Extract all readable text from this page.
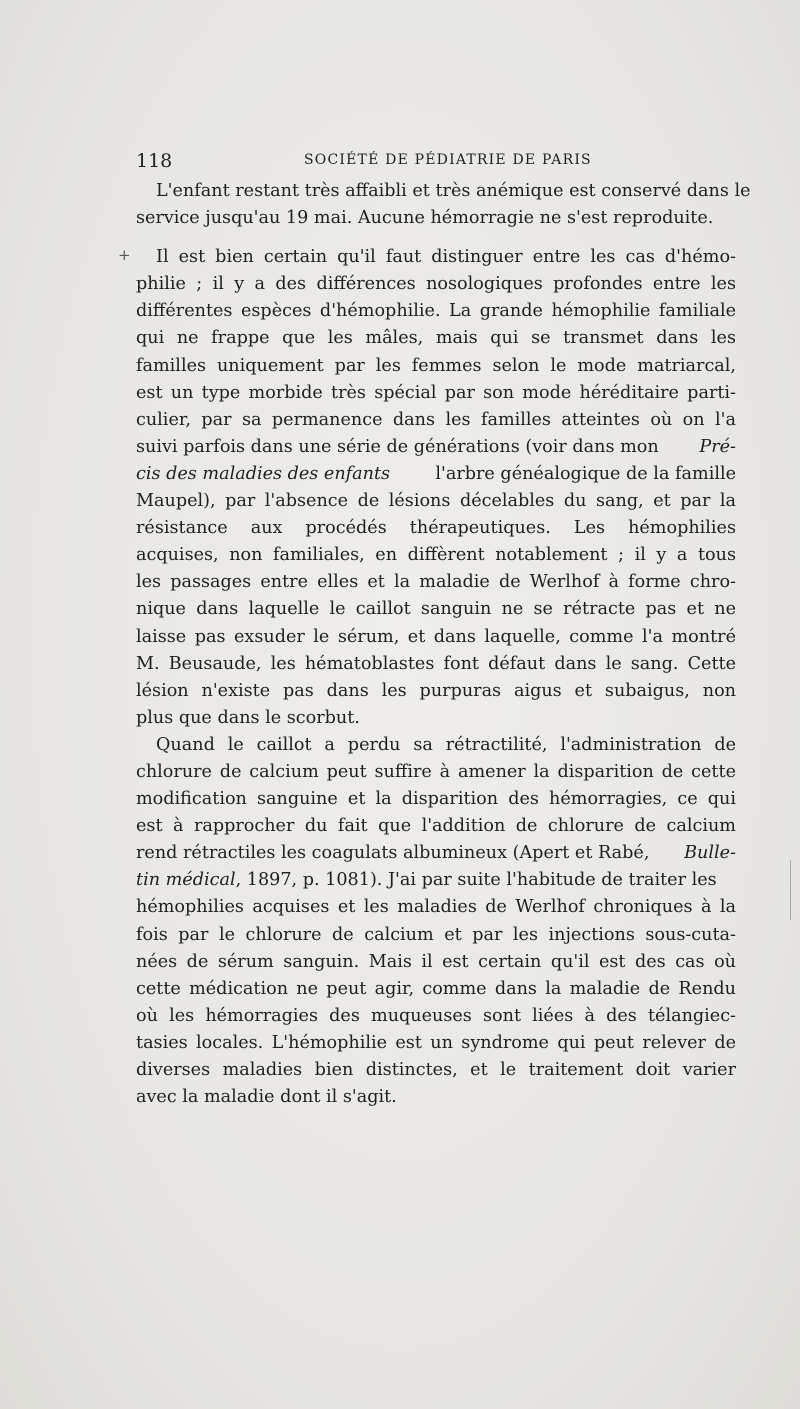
118	SOCIÉTÉ DE PÉDIATRIE DE PARIS
+
L'enfant restant très affaibli et très anémique est conservé dans le
service jusqu'au 19 mai. Aucune hémorragie ne s'est reproduite.
Il est bien certain qu'il faut distinguer entre les cas d'hémo-
philie ; il y a des différences nosologiques profondes entre les
différentes espèces d'hémophilie. La grande hémophilie familiale
qui ne frappe que les mâles, mais qui se transmet dans les
familles uniquement par les femmes selon le mode matriarcal,
est un type morbide très spécial par son mode héréditaire parti-
culier, par sa permanence dans les familles atteintes où on l'a
suivi parfois dans une série de générations (voir dans mon Pré-
cis des maladies des enfants	l'arbre généalogique de la famille
Maupel), par l'absence de lésions décelables du sang, et par la
résistance aux procédés thérapeutiques. Les hémophilies
acquises, non familiales, en diffèrent notablement ; il y a tous
les passages entre elles et la maladie de Werlhof à forme chro-
nique dans laquelle le caillot sanguin ne se rétracte pas et ne
laisse pas exsuder le sérum, et dans laquelle, comme l'a montré
M. Beusaude, les hématoblastes font défaut dans le sang. Cette
lésion n'existe pas dans les purpuras aigus et subaigus, non
plus que dans le scorbut.
Quand le caillot a perdu sa rétractilité, l'administration de
chlorure de calcium peut suffire à amener la disparition de cette
modification sanguine et la disparition des hémorragies, ce qui
est à rapprocher du fait que l'addition de chlorure de calcium
rend rétractiles les coagulats albumineux (Apert et Rabé, Bulle-
tin médical , 1897, p. 1081). J'ai par suite l'habitude de traiter les
hémophilies acquises et les maladies de Werlhof chroniques à la
fois par le chlorure de calcium et par les injections sous-cuta-
nées de sérum sanguin. Mais il est certain qu'il est des cas où
cette médication ne peut agir, comme dans la maladie de Rendu
où les hémorragies des muqueuses sont liées à des télangiec-
tasies locales. L'hémophilie est un syndrome qui peut relever de
diverses maladies bien distinctes, et le traitement doit varier
avec la maladie dont il s'agit.
